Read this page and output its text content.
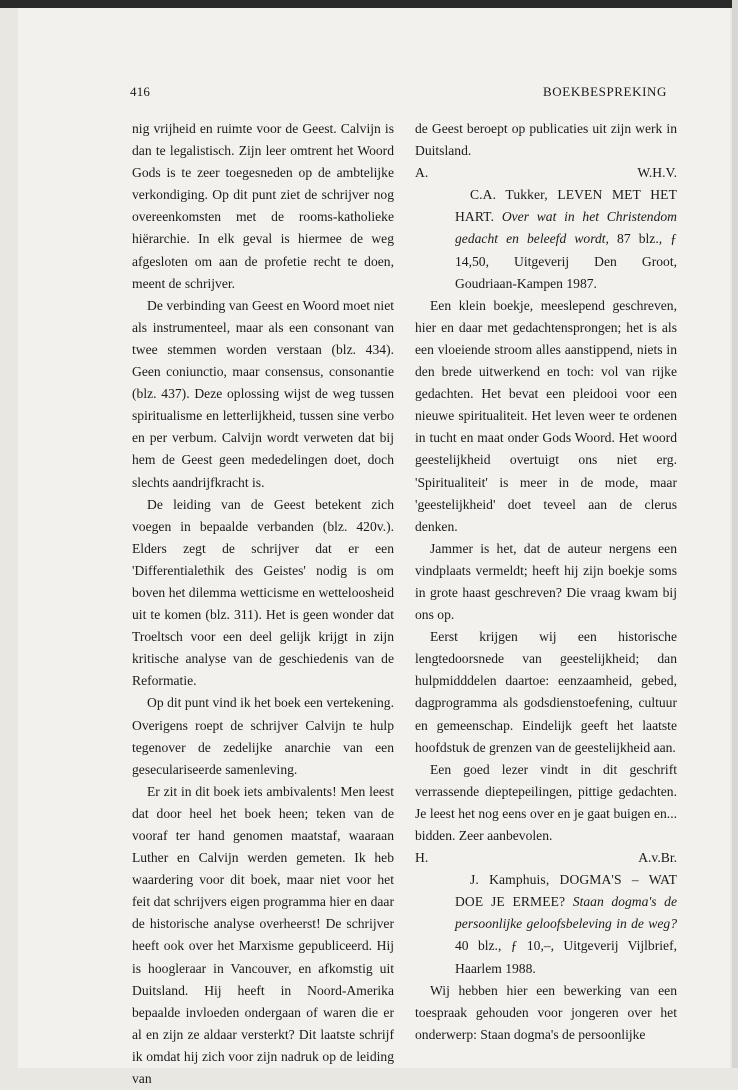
416	BOEKBESPREKING

nig vrijheid en ruimte voor de Geest. Calvijn is dan te legalistisch. Zijn leer omtrent het Woord Gods is te zeer toegesneden op de ambtelijke verkondiging. Op dit punt ziet de schrijver nog overeenkomsten met de rooms-katholieke hiërarchie. In elk geval is hiermee de weg afgesloten om aan de profetie recht te doen, meent de schrijver.

De verbinding van Geest en Woord moet niet als instrumenteel, maar als een consonant van twee stemmen worden verstaan (blz. 434). Geen coniunctio, maar consensus, consonantie (blz. 437). Deze oplossing wijst de weg tussen spiritualisme en letterlijkheid, tussen sine verbo en per verbum. Calvijn wordt verweten dat bij hem de Geest geen mededelingen doet, doch slechts aandrijfkracht is.

De leiding van de Geest betekent zich voegen in bepaalde verbanden (blz. 420v.). Elders zegt de schrijver dat er een 'Differentialethik des Geistes' nodig is om boven het dilemma wetticisme en wetteloosheid uit te komen (blz. 311). Het is geen wonder dat Troeltsch voor een deel gelijk krijgt in zijn kritische analyse van de geschiedenis van de Reformatie.

Op dit punt vind ik het boek een vertekening. Overigens roept de schrijver Calvijn te hulp tegenover de zedelijke anarchie van een geseculariseerde samenleving.

Er zit in dit boek iets ambivalents! Men leest dat door heel het boek heen; teken van de vooraf ter hand genomen maatstaf, waaraan Luther en Calvijn werden gemeten. Ik heb waardering voor dit boek, maar niet voor het feit dat schrijvers eigen programma hier en daar de historische analyse overheerst! De schrijver heeft ook over het Marxisme gepubliceerd. Hij is hoogleraar in Vancouver, en afkomstig uit Duitsland. Hij heeft in Noord-Amerika bepaalde invloeden ondergaan of waren die er al en zijn ze aldaar versterkt? Dit laatste schrijf ik omdat hij zich voor zijn nadruk op de leiding van

de Geest beroept op publicaties uit zijn werk in Duitsland.

A.	W.H.V.

C.A. Tukker, LEVEN MET HET HART. Over wat in het Christendom gedacht en beleefd wordt, 87 blz., ƒ 14,50, Uitgeverij Den Groot, Goudriaan-Kampen 1987.

Een klein boekje, meeslepend geschreven, hier en daar met gedachtensprongen; het is als een vloeiende stroom alles aanstippend, niets in den brede uitwerkend en toch: vol van rijke gedachten. Het bevat een pleidooi voor een nieuwe spiritualiteit. Het leven weer te ordenen in tucht en maat onder Gods Woord. Het woord geestelijkheid overtuigt ons niet erg. 'Spiritualiteit' is meer in de mode, maar 'geestelijkheid' doet teveel aan de clerus denken.

Jammer is het, dat de auteur nergens een vindplaats vermeldt; heeft hij zijn boekje soms in grote haast geschreven? Die vraag kwam bij ons op.

Eerst krijgen wij een historische lengtedoorsnede van geestelijkheid; dan hulpmidddelen daartoe: eenzaamheid, gebed, dagprogramma als godsdienstoefening, cultuur en gemeenschap. Eindelijk geeft het laatste hoofdstuk de grenzen van de geestelijkheid aan.

Een goed lezer vindt in dit geschrift verrassende dieptepeilingen, pittige gedachten. Je leest het nog eens over en je gaat buigen en... bidden. Zeer aanbevolen.

H.	A.v.Br.

J. Kamphuis, DOGMA'S – WAT DOE JE ERMEE? Staan dogma's de persoonlijke geloofsbeleving in de weg? 40 blz., ƒ 10,–, Uitgeverij Vijlbrief, Haarlem 1988.

Wij hebben hier een bewerking van een toespraak gehouden voor jongeren over het onderwerp: Staan dogma's de persoonlijke
